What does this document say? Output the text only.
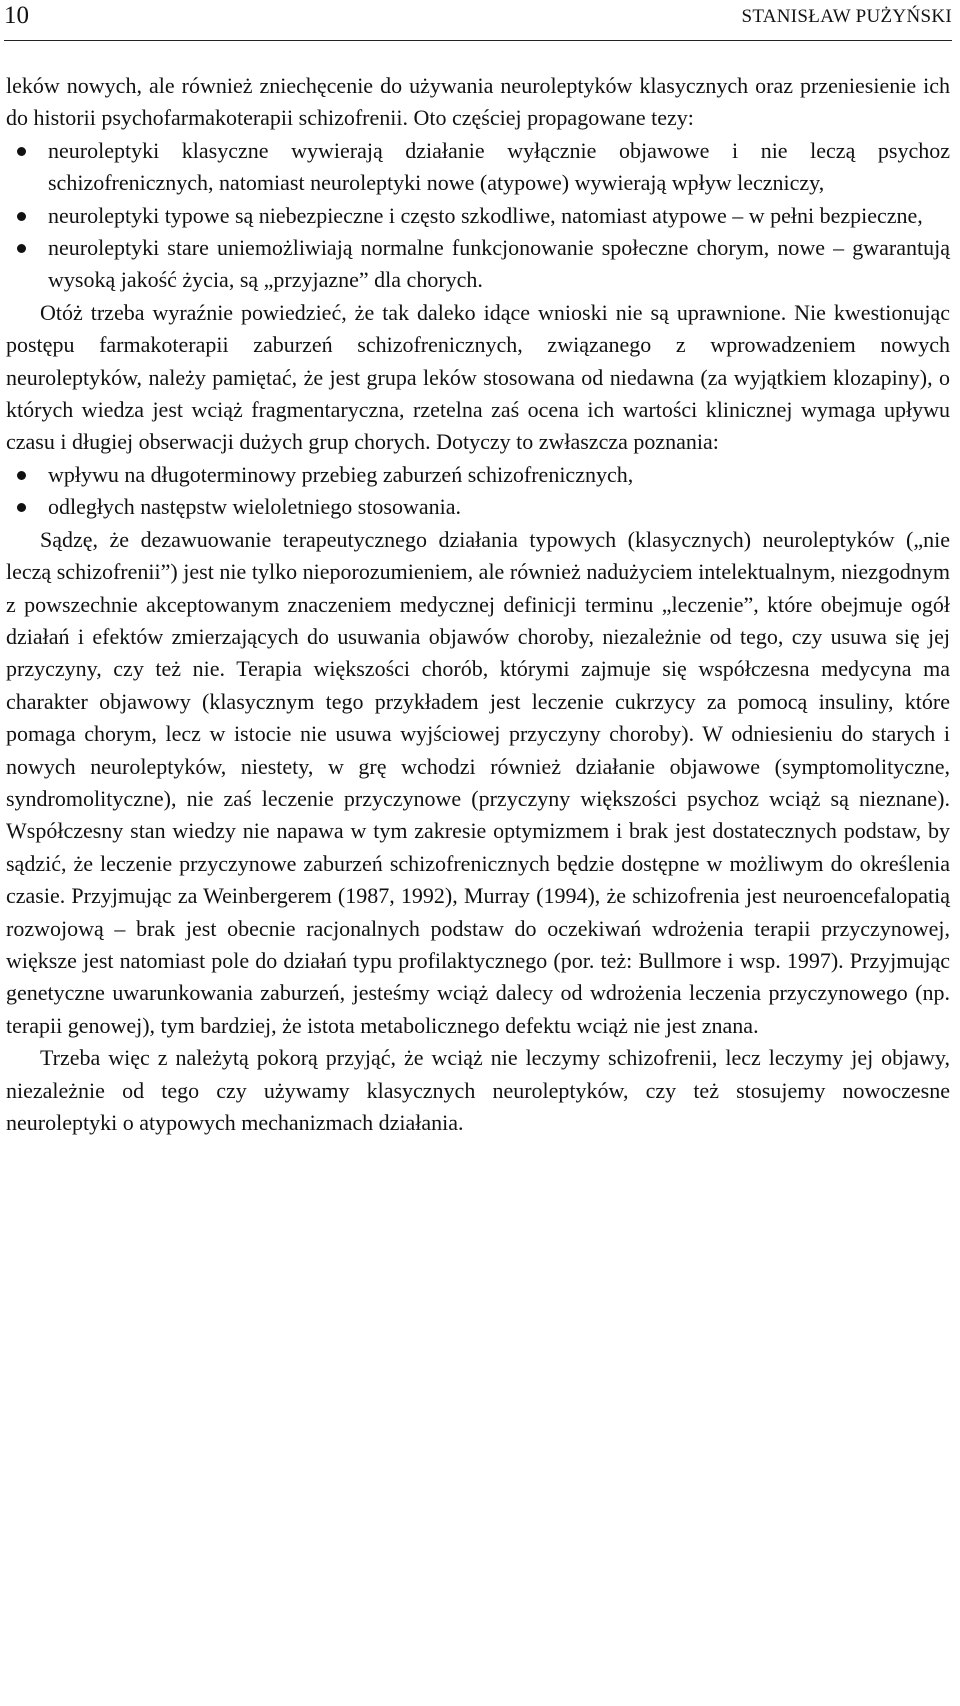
10	STANISŁAW PUŻYŃSKI

leków nowych, ale również zniechęcenie do używania neuroleptyków klasycznych oraz przeniesienie ich do historii psychofarmakoterapii schizofrenii. Oto częściej propagowane tezy:

neuroleptyki klasyczne wywierają działanie wyłącznie objawowe i nie leczą psychoz schizofrenicznych, natomiast neuroleptyki nowe (atypowe) wywierają wpływ leczniczy,
neuroleptyki typowe są niebezpieczne i często szkodliwe, natomiast atypowe – w pełni bezpieczne,
neuroleptyki stare uniemożliwiają normalne funkcjonowanie społeczne chorym, nowe – gwarantują wysoką jakość życia, są „przyjazne” dla chorych.

Otóż trzeba wyraźnie powiedzieć, że tak daleko idące wnioski nie są uprawnione. Nie kwestionując postępu farmakoterapii zaburzeń schizofrenicznych, związanego z wprowadzeniem nowych neuroleptyków, należy pamiętać, że jest grupa leków stosowana od niedawna (za wyjątkiem klozapiny), o których wiedza jest wciąż fragmentaryczna, rzetelna zaś ocena ich wartości klinicznej wymaga upływu czasu i długiej obserwacji dużych grup chorych. Dotyczy to zwłaszcza poznania:

wpływu na długoterminowy przebieg zaburzeń schizofrenicznych,
odległych następstw wieloletniego stosowania.

Sądzę, że dezawuowanie terapeutycznego działania typowych (klasycznych) neuroleptyków („nie leczą schizofrenii”) jest nie tylko nieporozumieniem, ale również nadużyciem intelektualnym, niezgodnym z powszechnie akceptowanym znaczeniem medycznej definicji terminu „leczenie”, które obejmuje ogół działań i efektów zmierzających do usuwania objawów choroby, niezależnie od tego, czy usuwa się jej przyczyny, czy też nie. Terapia większości chorób, którymi zajmuje się współczesna medycyna ma charakter objawowy (klasycznym tego przykładem jest leczenie cukrzycy za pomocą insuliny, które pomaga chorym, lecz w istocie nie usuwa wyjściowej przyczyny choroby). W odniesieniu do starych i nowych neuroleptyków, niestety, w grę wchodzi również działanie objawowe (symptomolityczne, syndromolityczne), nie zaś leczenie przyczynowe (przyczyny większości psychoz wciąż są nieznane). Współczesny stan wiedzy nie napawa w tym zakresie optymizmem i brak jest dostatecznych podstaw, by sądzić, że leczenie przyczynowe zaburzeń schizofrenicznych będzie dostępne w możliwym do określenia czasie. Przyjmując za Weinbergerem (1987, 1992), Murray (1994), że schizofrenia jest neuroencefalopatią rozwojową – brak jest obecnie racjonalnych podstaw do oczekiwań wdrożenia terapii przyczynowej, większe jest natomiast pole do działań typu profilaktycznego (por. też: Bullmore i wsp. 1997). Przyjmując genetyczne uwarunkowania zaburzeń, jesteśmy wciąż dalecy od wdrożenia leczenia przyczynowego (np. terapii genowej), tym bardziej, że istota metabolicznego defektu wciąż nie jest znana.

Trzeba więc z należytą pokorą przyjąć, że wciąż nie leczymy schizofrenii, lecz leczymy jej objawy, niezależnie od tego czy używamy klasycznych neuroleptyków, czy też stosujemy nowoczesne neuroleptyki o atypowych mechanizmach działania.
